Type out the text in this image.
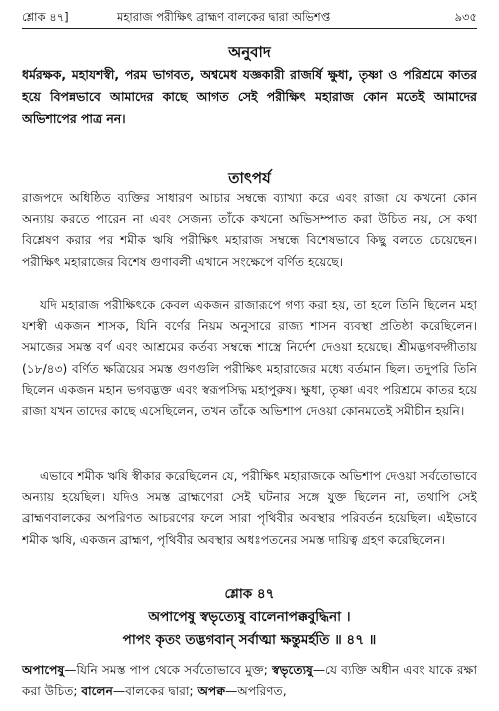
শ্লোক ৪৭]	মহারাজ পরীক্ষিৎ ব্রাহ্মণ বালকের দ্বারা অভিশপ্ত	৯৩৫
অনুবাদ
ধর্মরক্ষক, মহাযশস্বী, পরম ভাগবত, অশ্বমেধ যজ্ঞকারী রাজর্ষি ক্ষুধা, তৃষ্ণা ও পরিশ্রমে কাতর হয়ে বিপন্নভাবে আমাদের কাছে আগত সেই পরীক্ষিৎ মহারাজ কোন মতেই আমাদের অভিশাপের পাত্র নন।
তাৎপর্য
রাজপদে অধিষ্ঠিত ব্যক্তির সাধারণ আচার সম্বন্ধে ব্যাখ্যা করে এবং রাজা যে কখনো কোন অন্যায় করতে পারেন না এবং সেজন্য তাঁকে কখনো অভিসম্পাত করা উচিত নয়, সে কথা বিশ্লেষণ করার পর শমীক ঋষি পরীক্ষিৎ মহারাজ সম্বন্ধে বিশেষভাবে কিছু বলতে চেয়েছেন। পরীক্ষিৎ মহারাজের বিশেষ গুণাবলী এখানে সংক্ষেপে বর্ণিত হয়েছে।
যদি মহারাজ পরীক্ষিৎকে কেবল একজন রাজারূপে গণ্য করা হয়, তা হলে তিনি ছিলেন মহা যশস্বী একজন শাসক, যিনি বর্ণের নিয়ম অনুসারে রাজ্য শাসন ব্যবস্থা প্রতিষ্ঠা করেছিলেন। সমাজের সমস্ত বর্ণ এবং আশ্রমের কর্তব্য সম্বন্ধে শাস্ত্রে নির্দেশ দেওয়া হয়েছে। শ্রীমদ্ভগবদ্গীতায় (১৮/৪৩) বর্ণিত ক্ষত্রিয়ের সমস্ত গুণগুলি পরীক্ষিৎ মহারাজের মধ্যে বর্তমান ছিল। তদুপরি তিনি ছিলেন একজন মহান ভগবদ্ভক্ত এবং স্বরূপসিদ্ধ মহাপুরুষ। ক্ষুধা, তৃষ্ণা এবং পরিশ্রমে কাতর হয়ে রাজা যখন তাদের কাছে এসেছিলেন, তখন তাঁকে অভিশাপ দেওয়া কোনমতেই সমীচীন হয়নি।
এভাবে শমীক ঋষি স্বীকার করেছিলেন যে, পরীক্ষিৎ মহারাজকে অভিশাপ দেওয়া সর্বতোভাবে অন্যায় হয়েছিল। যদিও সমস্ত ব্রাহ্মণেরা সেই ঘটনার সঙ্গে যুক্ত ছিলেন না, তথাপি সেই ব্রাহ্মণবালকের অপরিণত আচরণের ফলে সারা পৃথিবীর অবস্থার পরিবর্তন হয়েছিল। এইভাবে শমীক ঋষি, একজন ব্রাহ্মণ, পৃথিবীর অবস্থার অধঃপতনের সমস্ত দায়িত্ব গ্রহণ করেছিলেন।
শ্লোক ৪৭
অপাপেষু স্বভৃত্যেষু বালেনাপক্কবুদ্ধিনা ।
পাপং কৃতং তদ্ভগবান্ সর্বাত্মা ক্ষন্তুমর্হতি ॥ ৪৭ ॥
অপাপেষু—যিনি সমস্ত পাপ থেকে সর্বতোভাবে মুক্ত; স্বভৃত্যেষু—যে ব্যক্তি অধীন এবং যাকে রক্ষা করা উচিত; বালেন—বালকের দ্বারা; অপক্ব—অপরিণত,
